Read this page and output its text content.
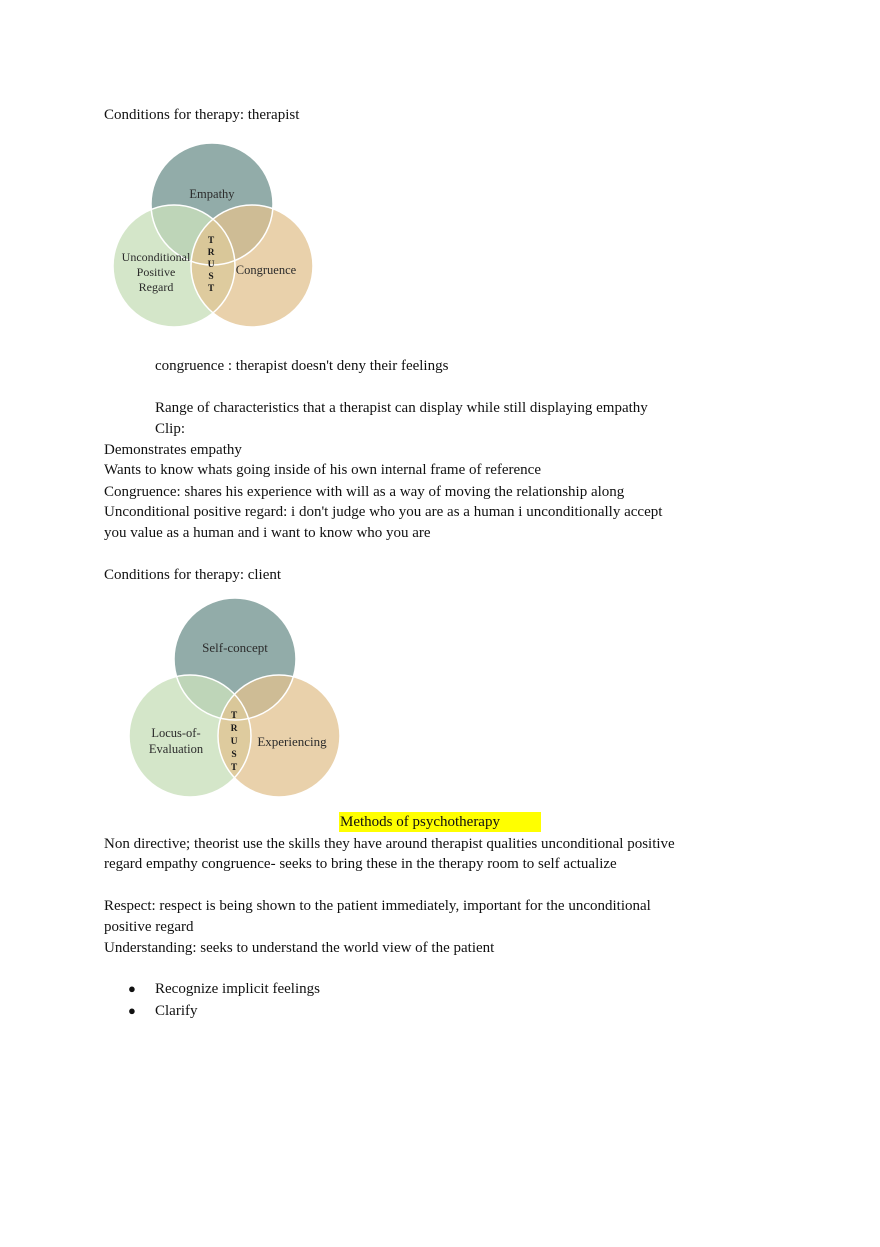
Conditions for therapy: therapist
Empathy
Unconditional
Positive
Regard
Congruence
T
R
U
S
T
congruence : therapist doesn't deny their feelings
Range of characteristics that a therapist can display while still displaying empathy
Clip:
Demonstrates empathy
Wants to know whats going inside of his own internal frame of reference
Congruence: shares his experience with will as a way of moving the relationship along
Unconditional positive regard: i don't judge who you are as a human i unconditionally accept
you value as a human and i want to know who you are
Conditions for therapy: client
Self-concept
Locus-of-
Evaluation	Experiencing
T
R
U
S
T
Methods of psychotherapy
Non directive; theorist use the skills they have around therapist qualities unconditional positive
regard empathy congruence- seeks to bring these in the therapy room to self actualize
Respect: respect is being shown to the patient immediately, important for the unconditional
positive regard
Understanding: seeks to understand the world view of the patient
● Recognize implicit feelings
● Clarify
